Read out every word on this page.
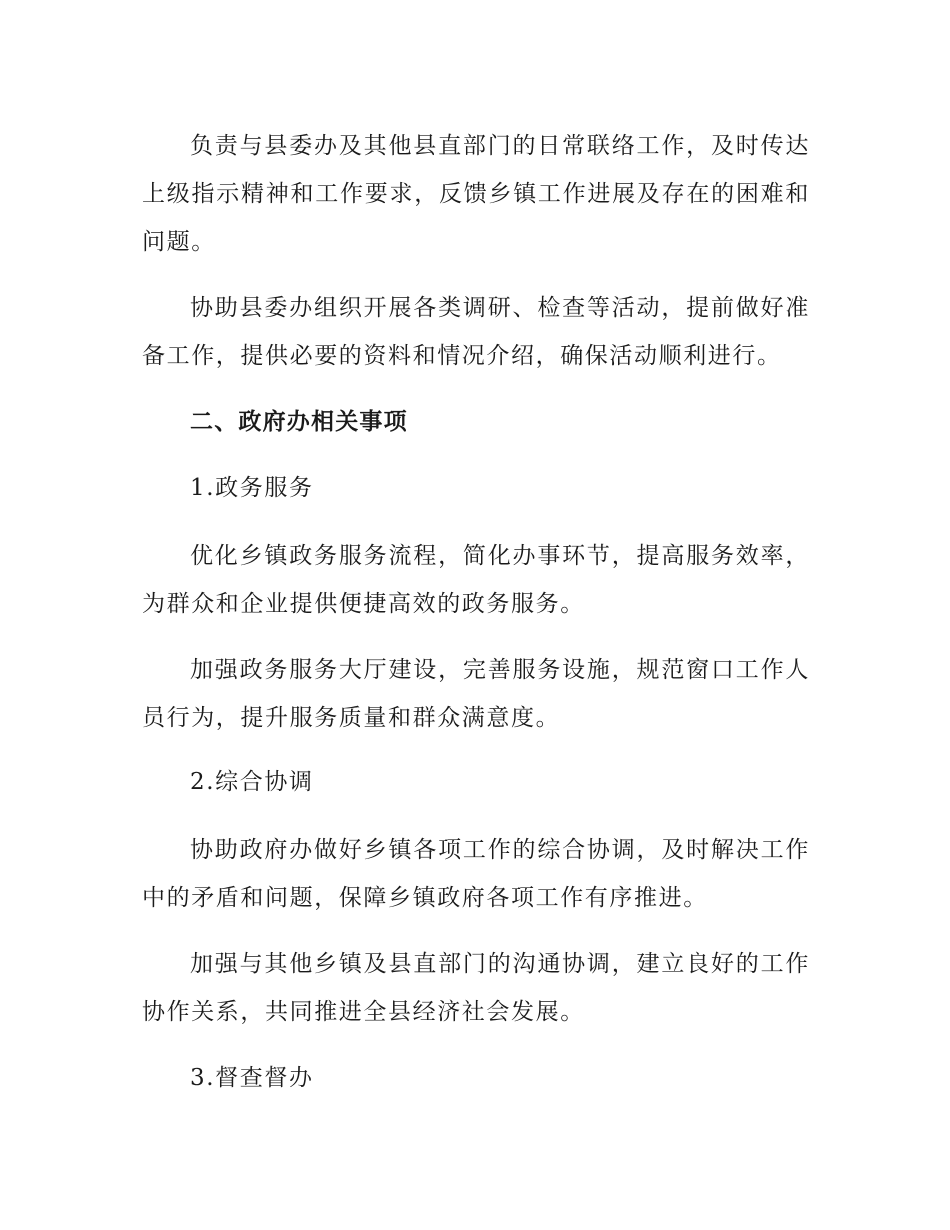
负责与县委办及其他县直部门的日常联络工作，及时传达上级指示精神和工作要求，反馈乡镇工作进展及存在的困难和问题。

协助县委办组织开展各类调研、检查等活动，提前做好准备工作，提供必要的资料和情况介绍，确保活动顺利进行。

二、政府办相关事项

1.政务服务

优化乡镇政务服务流程，简化办事环节，提高服务效率，为群众和企业提供便捷高效的政务服务。

加强政务服务大厅建设，完善服务设施，规范窗口工作人员行为，提升服务质量和群众满意度。

2.综合协调

协助政府办做好乡镇各项工作的综合协调，及时解决工作中的矛盾和问题，保障乡镇政府各项工作有序推进。

加强与其他乡镇及县直部门的沟通协调，建立良好的工作协作关系，共同推进全县经济社会发展。

3.督查督办
